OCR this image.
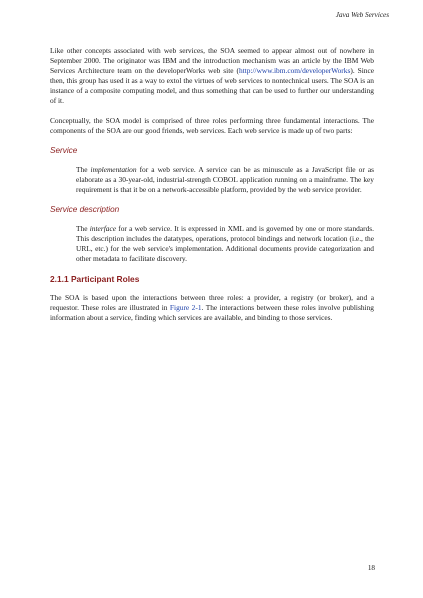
Java Web Services

Like other concepts associated with web services, the SOA seemed to appear almost out of nowhere in September 2000. The originator was IBM and the introduction mechanism was an article by the IBM Web Services Architecture team on the developerWorks web site (http://www.ibm.com/developerWorks). Since then, this group has used it as a way to extol the virtues of web services to nontechnical users. The SOA is an instance of a composite computing model, and thus something that can be used to further our understanding of it.

Conceptually, the SOA model is comprised of three roles performing three fundamental interactions. The components of the SOA are our good friends, web services. Each web service is made up of two parts:

Service

The implementation for a web service. A service can be as minuscule as a JavaScript file or as elaborate as a 30-year-old, industrial-strength COBOL application running on a mainframe. The key requirement is that it be on a network-accessible platform, provided by the web service provider.

Service description

The interface for a web service. It is expressed in XML and is governed by one or more standards. This description includes the datatypes, operations, protocol bindings and network location (i.e., the URL, etc.) for the web service's implementation. Additional documents provide categorization and other metadata to facilitate discovery.

2.1.1 Participant Roles

The SOA is based upon the interactions between three roles: a provider, a registry (or broker), and a requestor. These roles are illustrated in Figure 2-1. The interactions between these roles involve publishing information about a service, finding which services are available, and binding to those services.

18
